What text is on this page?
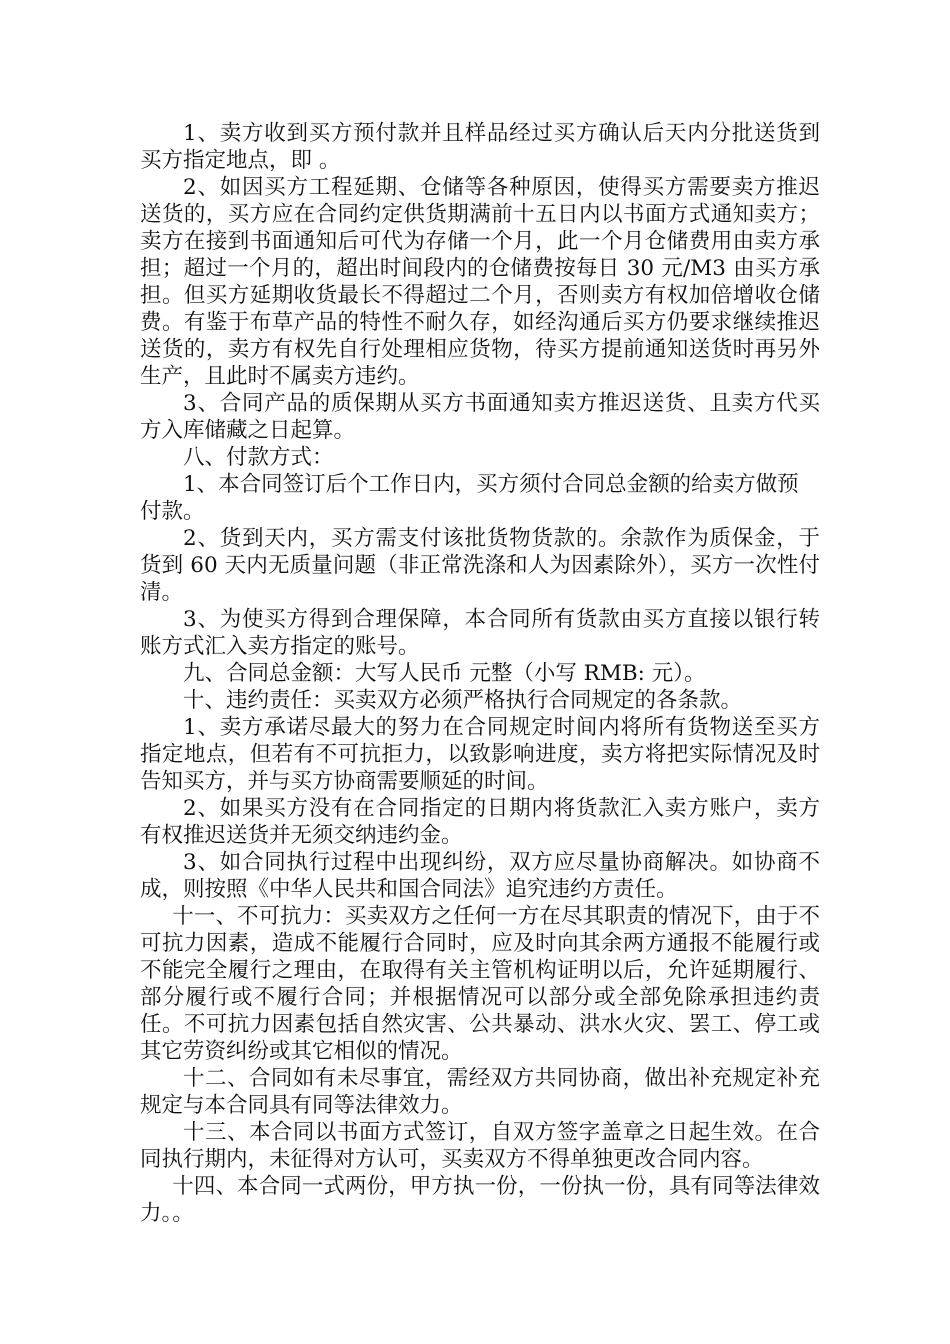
1、卖方收到买方预付款并且样品经过买方确认后天内分批送货到买方指定地点，即 。

2、如因买方工程延期、仓储等各种原因，使得买方需要卖方推迟送货的，买方应在合同约定供货期满前十五日内以书面方式通知卖方；卖方在接到书面通知后可代为存储一个月，此一个月仓储费用由卖方承担；超过一个月的，超出时间段内的仓储费按每日 30 元/M3 由买方承担。但买方延期收货最长不得超过二个月，否则卖方有权加倍增收仓储费。有鉴于布草产品的特性不耐久存，如经沟通后买方仍要求继续推迟送货的，卖方有权先自行处理相应货物，待买方提前通知送货时再另外生产，且此时不属卖方违约。

3、合同产品的质保期从买方书面通知卖方推迟送货、且卖方代买方入库储藏之日起算。

八、付款方式：

1、本合同签订后个工作日内，买方须付合同总金额的给卖方做预

付款。

2、货到天内，买方需支付该批货物货款的。余款作为质保金，于货到 60 天内无质量问题（非正常洗涤和人为因素除外），买方一次性付清。

3、为使买方得到合理保障，本合同所有货款由买方直接以银行转账方式汇入卖方指定的账号。

九、合同总金额：大写人民币 元整（小写 RMB: 元）。

十、违约责任：买卖双方必须严格执行合同规定的各条款。

1、卖方承诺尽最大的努力在合同规定时间内将所有货物送至买方指定地点，但若有不可抗拒力，以致影响进度，卖方将把实际情况及时告知买方，并与买方协商需要顺延的时间。

2、如果买方没有在合同指定的日期内将货款汇入卖方账户，卖方有权推迟送货并无须交纳违约金。

3、如合同执行过程中出现纠纷，双方应尽量协商解决。如协商不成，则按照《中华人民共和国合同法》追究违约方责任。

十一、不可抗力：买卖双方之任何一方在尽其职责的情况下，由于不可抗力因素，造成不能履行合同时，应及时向其余两方通报不能履行或不能完全履行之理由，在取得有关主管机构证明以后，允许延期履行、部分履行或不履行合同；并根据情况可以部分或全部免除承担违约责任。不可抗力因素包括自然灾害、公共暴动、洪水火灾、罢工、停工或其它劳资纠纷或其它相似的情况。

十二、合同如有未尽事宜，需经双方共同协商，做出补充规定补充规定与本合同具有同等法律效力。

十三、本合同以书面方式签订，自双方签字盖章之日起生效。在合同执行期内，未征得对方认可，买卖双方不得单独更改合同内容。

十四、本合同一式两份，甲方执一份，一份执一份，具有同等法律效力。。
